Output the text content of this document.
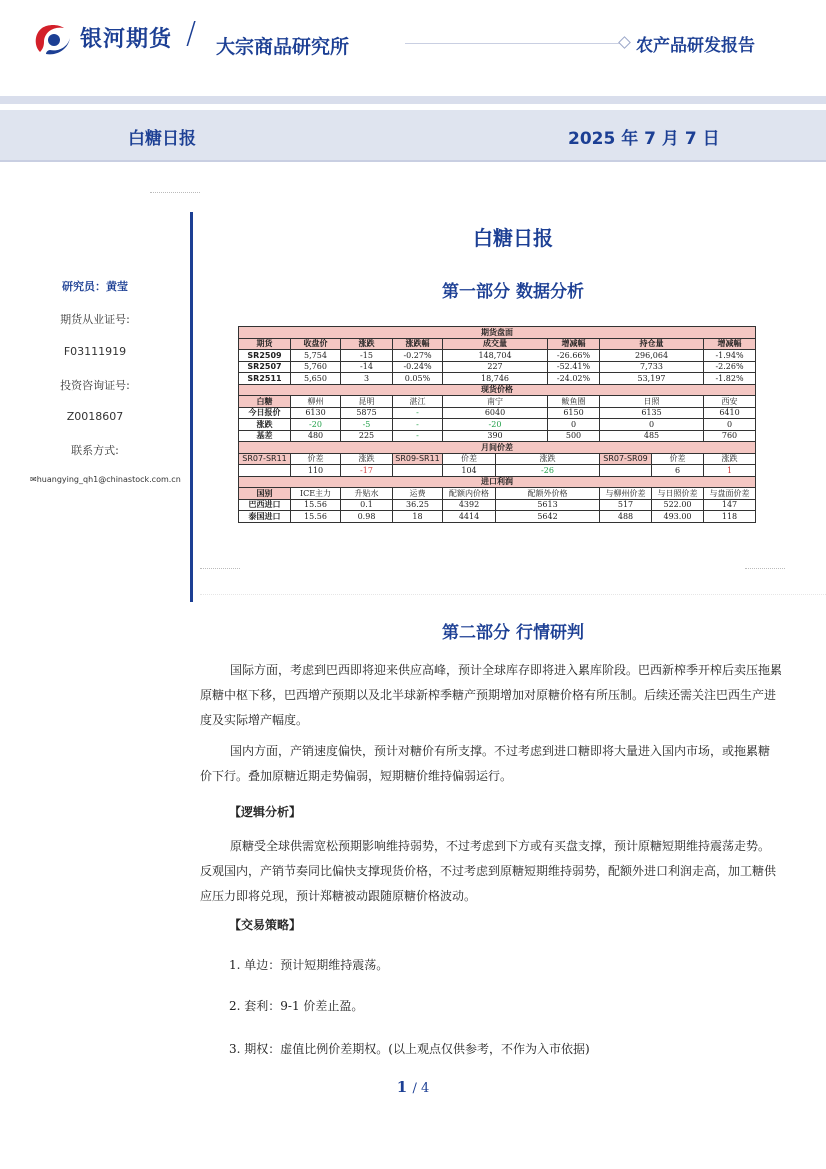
银河期货 / 大宗商品研究所	农产品研发报告
白糖日报	2025 年 7 月 7 日
研究员：黄莹
期货从业证号:
F03111919
投资咨询证号:
Z0018607
联系方式:
✉huangying_qh1@chinastock.com.cn
白糖日报
第一部分 数据分析
期货盘面									
期货	收盘价	涨跌	涨跌幅	成交量		增减幅	持仓量		增减幅
SR2509	5,754	-15	-0.27%	148,704		-26.66%	296,064		-1.94%
SR2507	5,760	-14	-0.24%	227		-52.41%	7,733		-2.26%
SR2511	5,650	3	0.05%	18,746		-24.02%	53,197		-1.82%
现货价格									
白糖	柳州	昆明	湛江	南宁		鲅鱼圈	日照		西安
今日报价	6130	5875	-	6040		6150	6135		6410
涨跌	-20	-5	-	-20		0	0		0
基差	480	225	-	390		500	485		760
月间价差									
SR07-SR11	价差	涨跌	SR09-SR11	价差	涨跌		SR07-SR09	价差	涨跌
	110	-17		104	-26			6	1
进口利润									
国别	ICE主力	升贴水	运费	配额内价格	配额外价格		与柳州价差	与日照价差	与盘面价差
巴西进口	15.56	0.1	36.25	4392	5613		517	522.00	147
泰国进口	15.56	0.98	18	4414	5642		488	493.00	118
第二部分 行情研判
国际方面，考虑到巴西即将迎来供应高峰，预计全球库存即将进入累库阶段。巴西新榨季开榨后卖压拖累原糖中枢下移，巴西增产预期以及北半球新榨季糖产预期增加对原糖价格有所压制。后续还需关注巴西生产进度及实际增产幅度。
国内方面，产销速度偏快，预计对糖价有所支撑。不过考虑到进口糖即将大量进入国内市场，或拖累糖价下行。叠加原糖近期走势偏弱，短期糖价维持偏弱运行。
【逻辑分析】
原糖受全球供需宽松预期影响维持弱势，不过考虑到下方或有买盘支撑，预计原糖短期维持震荡走势。反观国内，产销节奏同比偏快支撑现货价格，不过考虑到原糖短期维持弱势，配额外进口利润走高，加工糖供应压力即将兑现，预计郑糖被动跟随原糖价格波动。
【交易策略】
1. 单边：预计短期维持震荡。
2. 套利：9-1 价差止盈。
3. 期权：虚值比例价差期权。(以上观点仅供参考，不作为入市依据)
1 / 4
